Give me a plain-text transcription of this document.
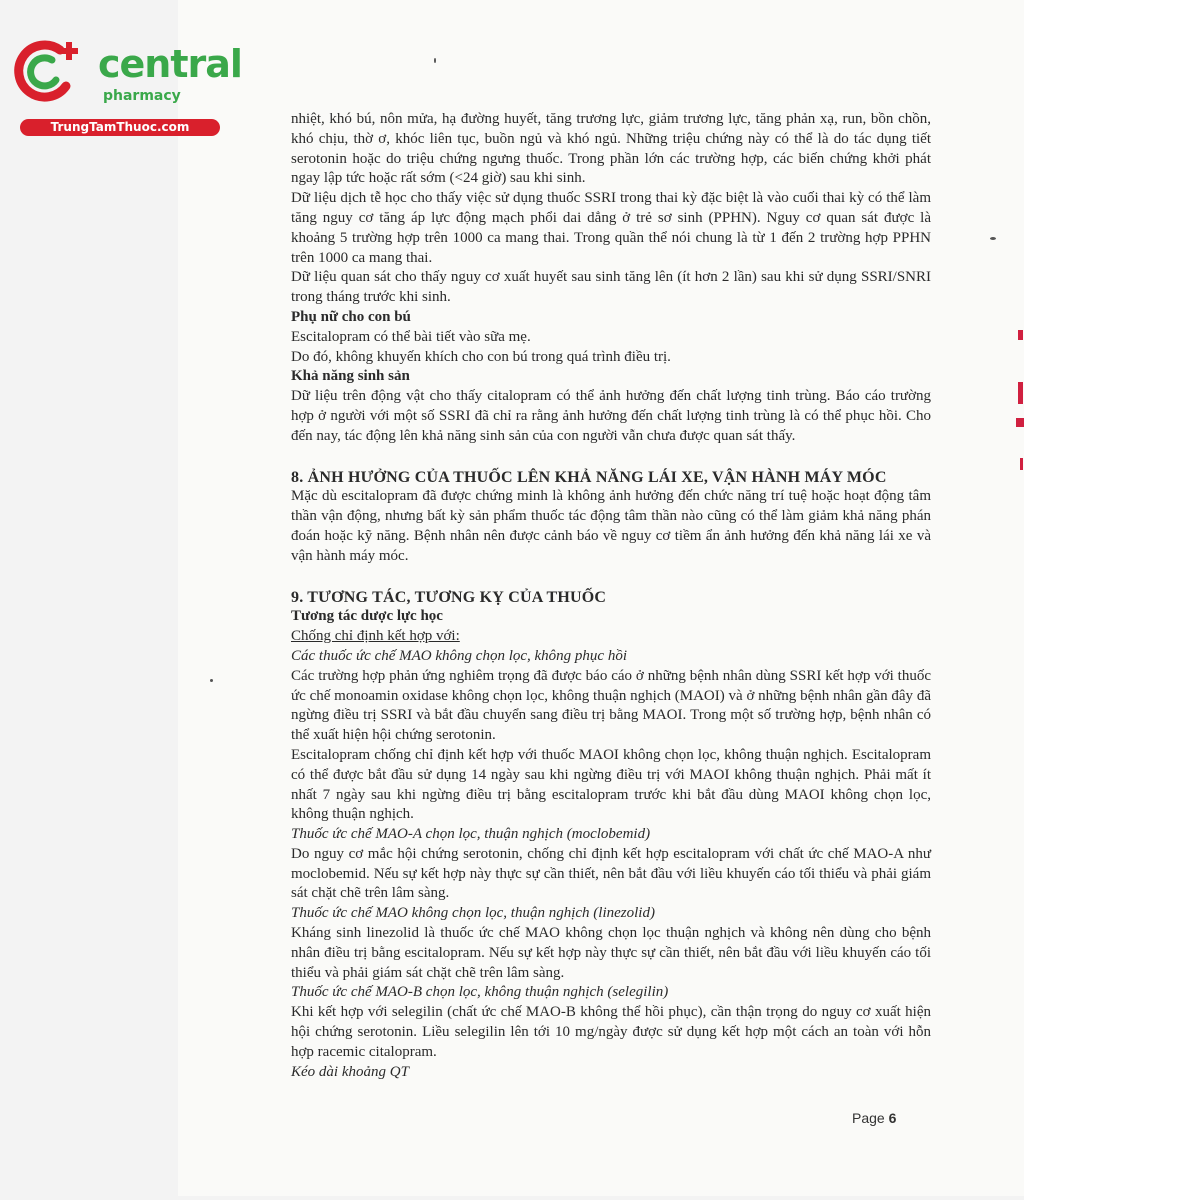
central
pharmacy
TrungTamThuoc.com	nhiệt, khó bú, nôn mửa, hạ đường huyết, tăng trương lực, giảm trương lực, tăng phản xạ, run, bồn chồn, khó chịu, thờ ơ, khóc liên tục, buồn ngủ và khó ngủ. Những triệu chứng này có thể là do tác dụng tiết serotonin hoặc do triệu chứng ngưng thuốc. Trong phần lớn các trường hợp, các biến chứng khởi phát ngay lập tức hoặc rất sớm (<24 giờ) sau khi sinh.

Dữ liệu dịch tễ học cho thấy việc sử dụng thuốc SSRI trong thai kỳ đặc biệt là vào cuối thai kỳ có thể làm tăng nguy cơ tăng áp lực động mạch phổi dai dẳng ở trẻ sơ sinh (PPHN). Nguy cơ quan sát được là khoảng 5 trường hợp trên 1000 ca mang thai. Trong quần thể nói chung là từ 1 đến 2 trường hợp PPHN trên 1000 ca mang thai.

Dữ liệu quan sát cho thấy nguy cơ xuất huyết sau sinh tăng lên (ít hơn 2 lần) sau khi sử dụng SSRI/SNRI trong tháng trước khi sinh.

Phụ nữ cho con bú

Escitalopram có thể bài tiết vào sữa mẹ.

Do đó, không khuyến khích cho con bú trong quá trình điều trị.

Khả năng sinh sản

Dữ liệu trên động vật cho thấy citalopram có thể ảnh hưởng đến chất lượng tinh trùng. Báo cáo trường hợp ở người với một số SSRI đã chỉ ra rằng ảnh hưởng đến chất lượng tinh trùng là có thể phục hồi. Cho đến nay, tác động lên khả năng sinh sản của con người vẫn chưa được quan sát thấy.

8. ẢNH HƯỞNG CỦA THUỐC LÊN KHẢ NĂNG LÁI XE, VẬN HÀNH MÁY MÓC

Mặc dù escitalopram đã được chứng minh là không ảnh hưởng đến chức năng trí tuệ hoặc hoạt động tâm thần vận động, nhưng bất kỳ sản phẩm thuốc tác động tâm thần nào cũng có thể làm giảm khả năng phán đoán hoặc kỹ năng. Bệnh nhân nên được cảnh báo về nguy cơ tiềm ẩn ảnh hưởng đến khả năng lái xe và vận hành máy móc.

9. TƯƠNG TÁC, TƯƠNG KỴ CỦA THUỐC

Tương tác dược lực học

Chống chỉ định kết hợp với:

Các thuốc ức chế MAO không chọn lọc, không phục hồi

Các trường hợp phản ứng nghiêm trọng đã được báo cáo ở những bệnh nhân dùng SSRI kết hợp với thuốc ức chế monoamin oxidase không chọn lọc, không thuận nghịch (MAOI) và ở những bệnh nhân gần đây đã ngừng điều trị SSRI và bắt đầu chuyển sang điều trị bằng MAOI. Trong một số trường hợp, bệnh nhân có thể xuất hiện hội chứng serotonin.

Escitalopram chống chỉ định kết hợp với thuốc MAOI không chọn lọc, không thuận nghịch. Escitalopram có thể được bắt đầu sử dụng 14 ngày sau khi ngừng điều trị với MAOI không thuận nghịch. Phải mất ít nhất 7 ngày sau khi ngừng điều trị bằng escitalopram trước khi bắt đầu dùng MAOI không chọn lọc, không thuận nghịch.

Thuốc ức chế MAO-A chọn lọc, thuận nghịch (moclobemid)

Do nguy cơ mắc hội chứng serotonin, chống chỉ định kết hợp escitalopram với chất ức chế MAO-A như moclobemid. Nếu sự kết hợp này thực sự cần thiết, nên bắt đầu với liều khuyến cáo tối thiểu và phải giám sát chặt chẽ trên lâm sàng.

Thuốc ức chế MAO không chọn lọc, thuận nghịch (linezolid)

Kháng sinh linezolid là thuốc ức chế MAO không chọn lọc thuận nghịch và không nên dùng cho bệnh nhân điều trị bằng escitalopram. Nếu sự kết hợp này thực sự cần thiết, nên bắt đầu với liều khuyến cáo tối thiểu và phải giám sát chặt chẽ trên lâm sàng.

Thuốc ức chế MAO-B chọn lọc, không thuận nghịch (selegilin)

Khi kết hợp với selegilin (chất ức chế MAO-B không thể hồi phục), cần thận trọng do nguy cơ xuất hiện hội chứng serotonin. Liều selegilin lên tới 10 mg/ngày được sử dụng kết hợp một cách an toàn với hỗn hợp racemic citalopram.

Kéo dài khoảng QT

Page 6
